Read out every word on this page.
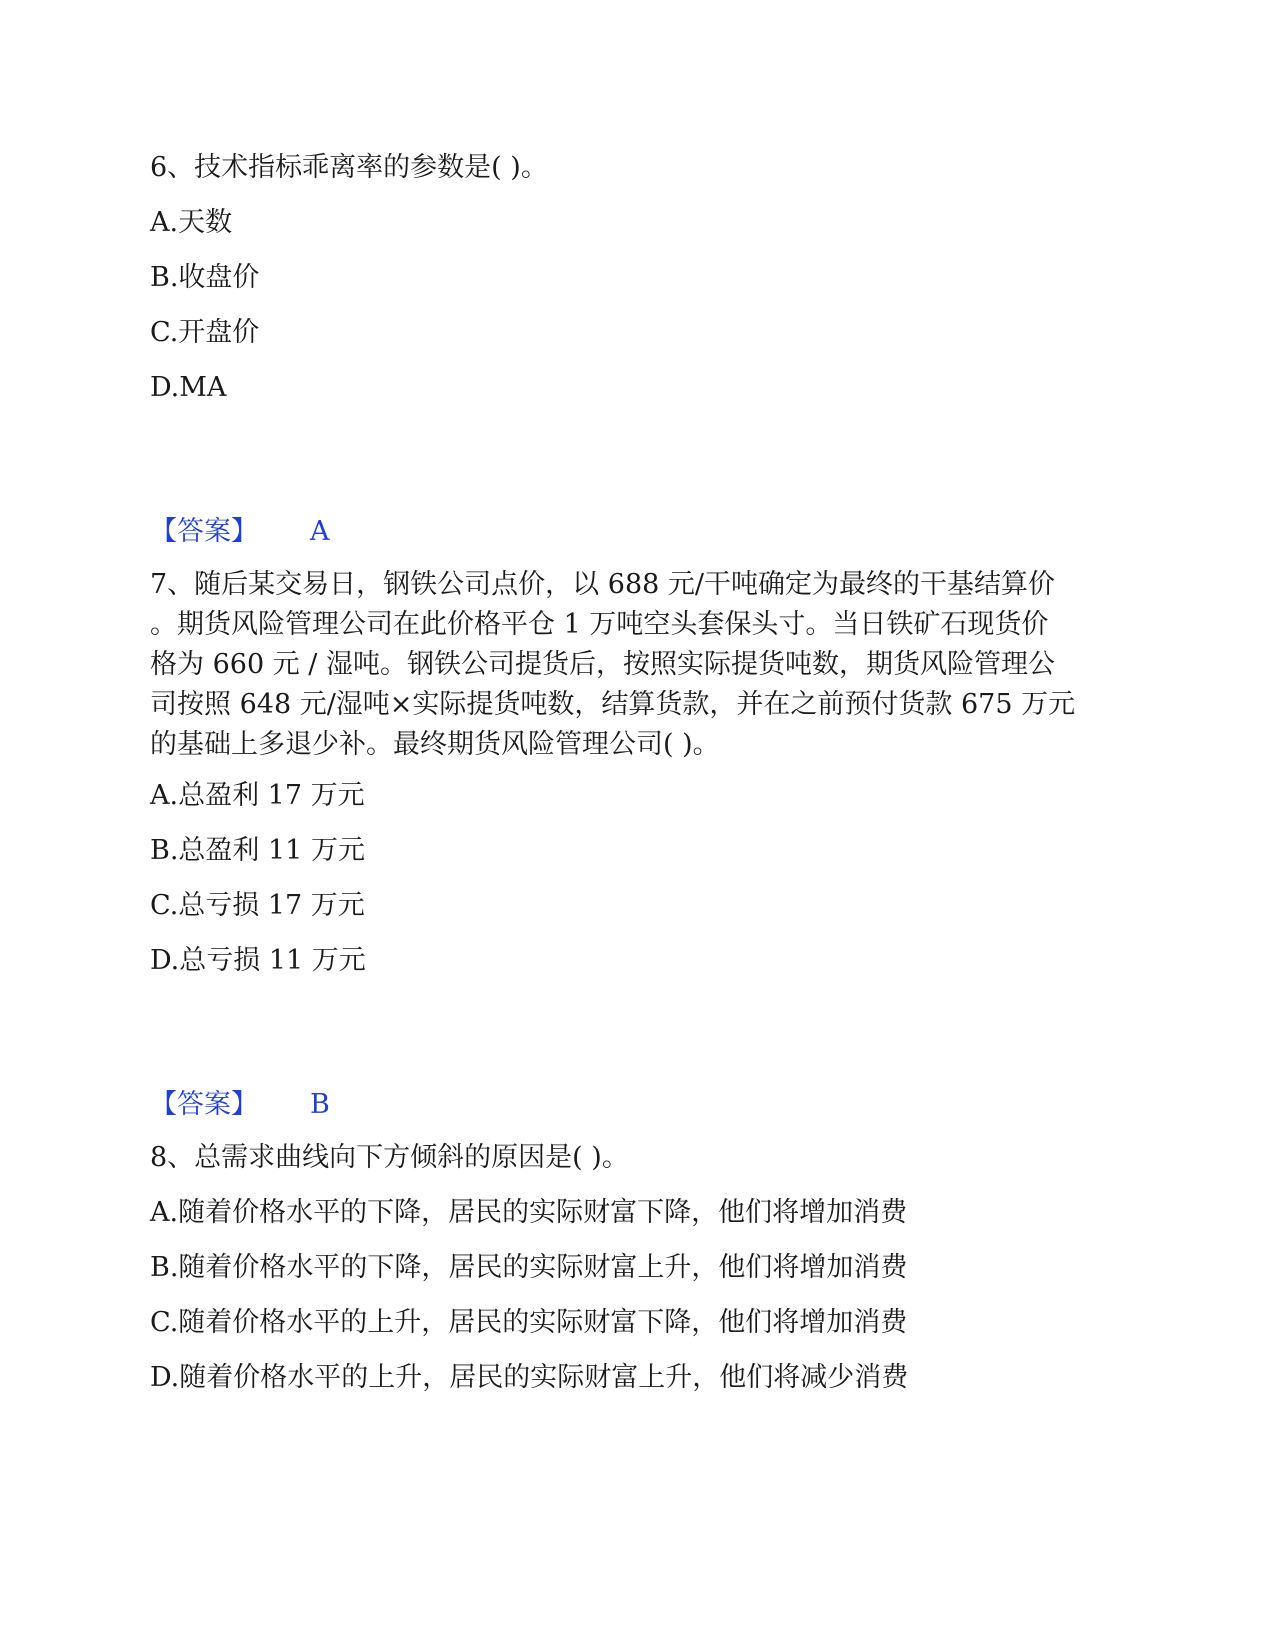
6、技术指标乖离率的参数是( )。
A.天数
B.收盘价
C.开盘价
D.MA
【答案】 A
7、随后某交易日，钢铁公司点价，以 688 元/干吨确定为最终的干基结算价
。期货风险管理公司在此价格平仓 1 万吨空头套保头寸。当日铁矿石现货价
格为 660 元 / 湿吨。钢铁公司提货后，按照实际提货吨数，期货风险管理公
司按照 648 元/湿吨×实际提货吨数，结算货款，并在之前预付货款 675 万元
的基础上多退少补。最终期货风险管理公司( )。
A.总盈利 17 万元
B.总盈利 11 万元
C.总亏损 17 万元
D.总亏损 11 万元
【答案】 B
8、总需求曲线向下方倾斜的原因是( )。
A.随着价格水平的下降，居民的实际财富下降，他们将增加消费
B.随着价格水平的下降，居民的实际财富上升，他们将增加消费
C.随着价格水平的上升，居民的实际财富下降，他们将增加消费
D.随着价格水平的上升，居民的实际财富上升，他们将减少消费
